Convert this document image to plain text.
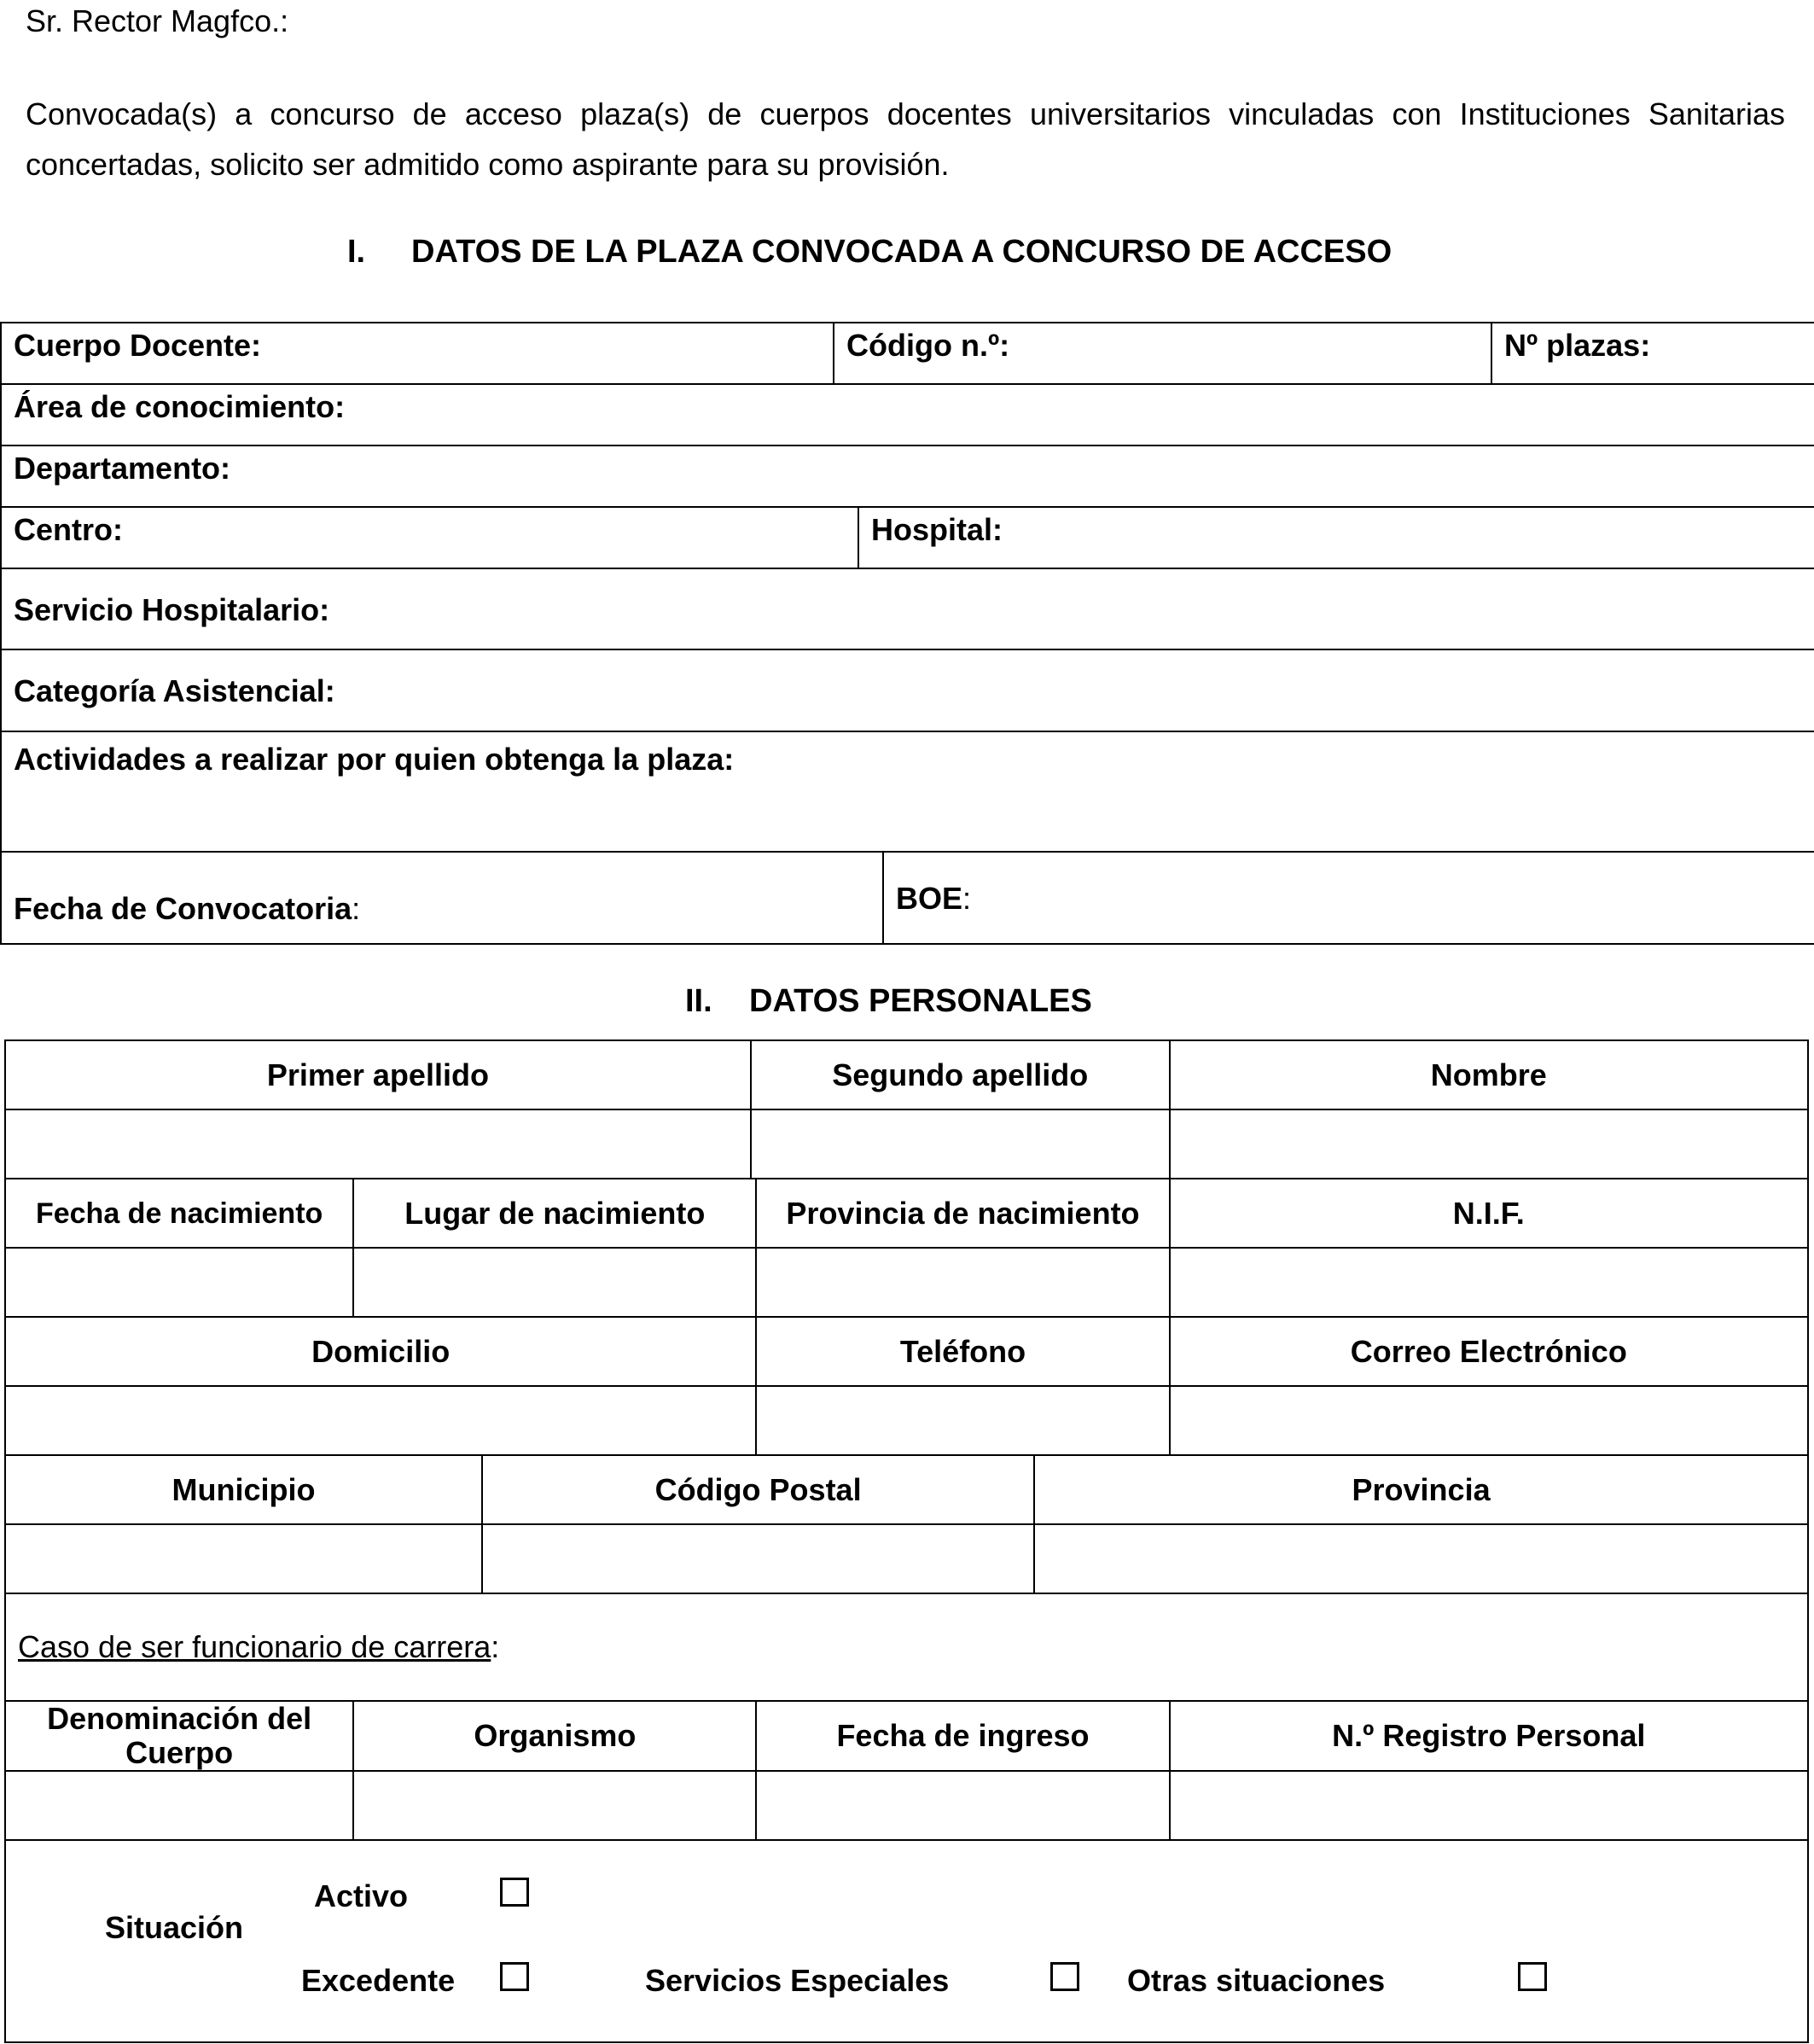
Sr. Rector Magfco.:
Convocada(s) a concurso de acceso plaza(s) de cuerpos docentes universitarios vinculadas con Instituciones Sanitarias concertadas, solicito ser admitido como aspirante para su provisión.
I. DATOS DE LA PLAZA CONVOCADA A CONCURSO DE ACCESO
Cuerpo Docente:	Código n.º:			Nº plazas:

Área de conocimiento:				

Departamento:				

Centro:		Hospital:		

Servicio Hospitalario:				

Categoría Asistencial:				

Actividades a realizar por quien obtenga la plaza:				

Fecha de Convocatoria:			BOE:	
II. DATOS PERSONALES
Primer apellido			Segundo apellido			Nombre

Fecha de nacimiento	Lugar de nacimiento			Provincia de nacimiento		N.I.F.

Domicilio				Teléfono		Correo Electrónico

Municipio		Código Postal			Provincia	

Caso de ser funcionario de carrera:						
Denominación del Cuerpo	Organismo			Fecha de ingreso		N.º Registro Personal

Situación
Activo
Excedente Servicios Especiales Otras situaciones						
